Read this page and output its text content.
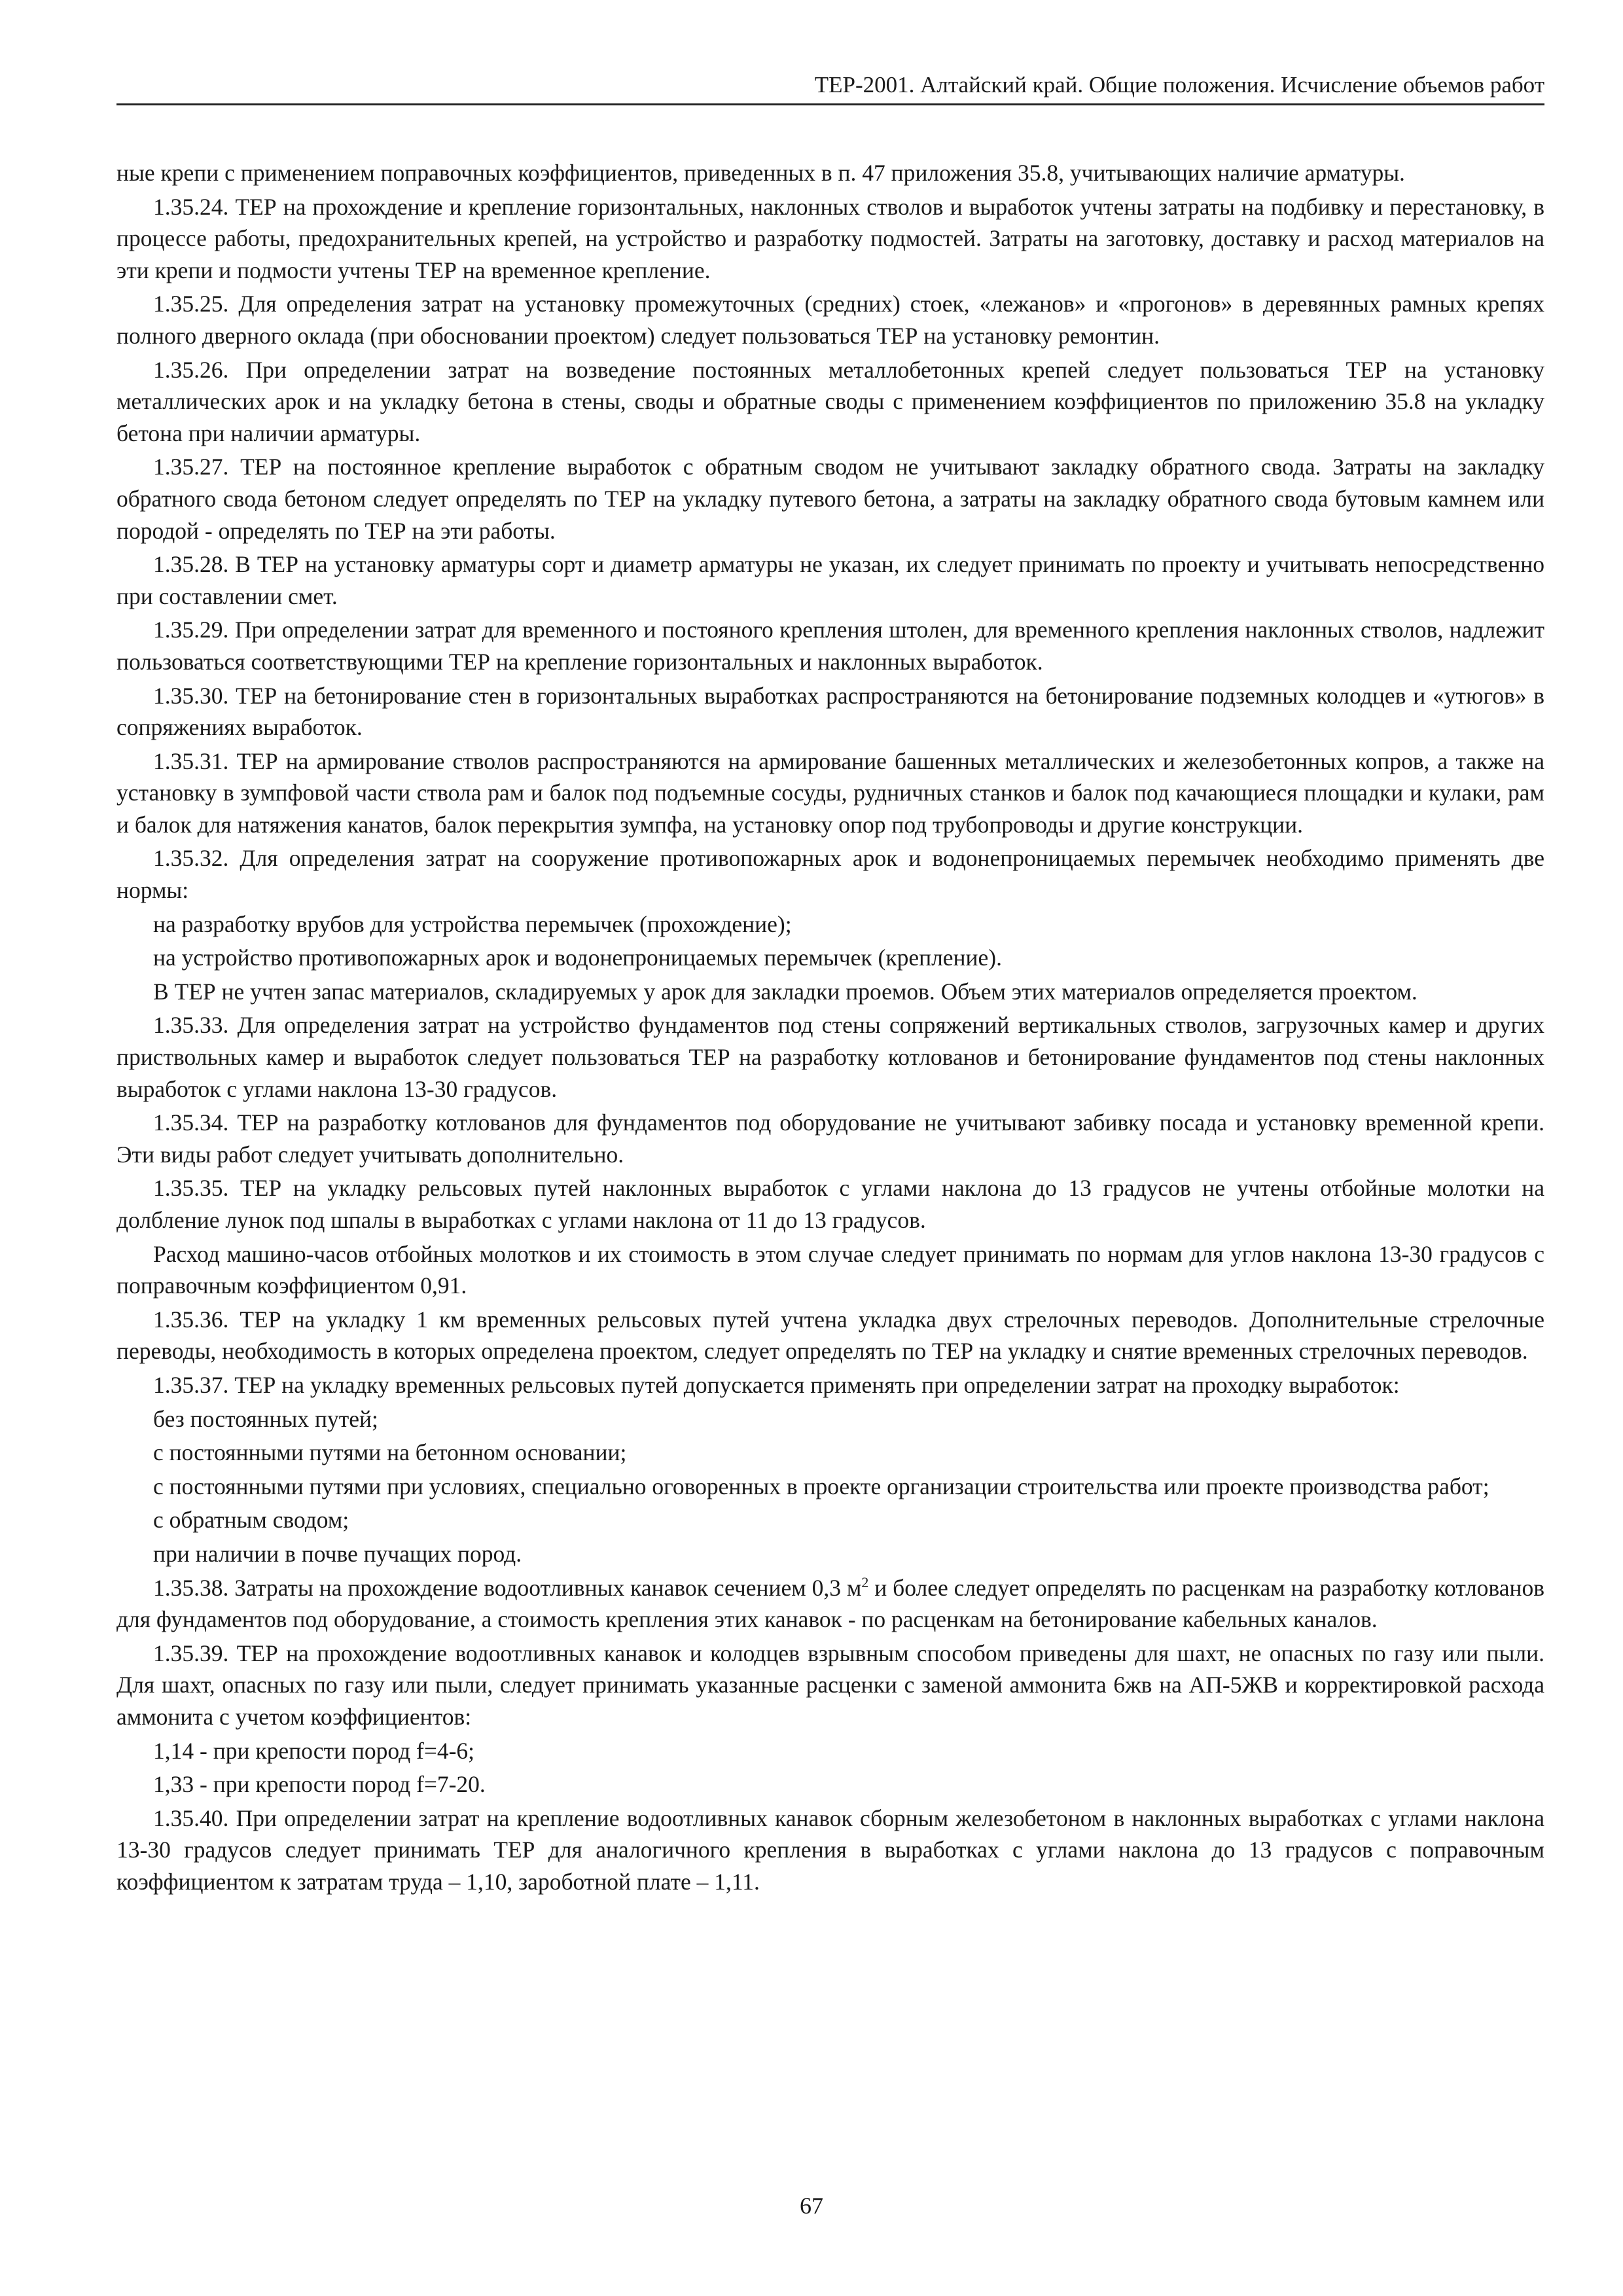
ТЕР-2001. Алтайский край. Общие положения. Исчисление объемов работ

ные крепи с применением поправочных коэффициентов, приведенных в п. 47 приложения 35.8, учитывающих наличие арматуры.

1.35.24. ТЕР на прохождение и крепление горизонтальных, наклонных стволов и выработок учтены затраты на подбивку и перестановку, в процессе работы, предохранительных крепей, на устройство и разработку подмостей. Затраты на заготовку, доставку и расход материалов на эти крепи и подмости учтены ТЕР на временное крепление.

1.35.25. Для определения затрат на установку промежуточных (средних) стоек, «лежанов» и «прогонов» в деревянных рамных крепях полного дверного оклада (при обосновании проектом) следует пользоваться ТЕР на установку ремонтин.

1.35.26. При определении затрат на возведение постоянных металлобетонных крепей следует пользоваться ТЕР на установку металлических арок и на укладку бетона в стены, своды и обратные своды с применением коэффициентов по приложению 35.8 на укладку бетона при наличии арматуры.

1.35.27. ТЕР на постоянное крепление выработок с обратным сводом не учитывают закладку обратного свода. Затраты на закладку обратного свода бетоном следует определять по ТЕР на укладку путевого бетона, а затраты на закладку обратного свода бутовым камнем или породой - определять по ТЕР на эти работы.

1.35.28. В ТЕР на установку арматуры сорт и диаметр арматуры не указан, их следует принимать по проекту и учитывать непосредственно при составлении смет.

1.35.29. При определении затрат для временного и постояного крепления штолен, для временного крепления наклонных стволов, надлежит пользоваться соответствующими ТЕР на крепление горизонтальных и наклонных выработок.

1.35.30. ТЕР на бетонирование стен в горизонтальных выработках распространяются на бетонирование подземных колодцев и «утюгов» в сопряжениях выработок.

1.35.31. ТЕР на армирование стволов распространяются на армирование башенных металлических и железобетонных копров, а также на установку в зумпфовой части ствола рам и балок под подъемные сосуды, рудничных станков и балок под качающиеся площадки и кулаки, рам и балок для натяжения канатов, балок перекрытия зумпфа, на установку опор под трубопроводы и другие конструкции.

1.35.32. Для определения затрат на сооружение противопожарных арок и водонепроницаемых перемычек необходимо применять две нормы:

на разработку врубов для устройства перемычек (прохождение);

на устройство противопожарных арок и водонепроницаемых перемычек (крепление).

В ТЕР не учтен запас материалов, складируемых у арок для закладки проемов. Объем этих материалов определяется проектом.

1.35.33. Для определения затрат на устройство фундаментов под стены сопряжений вертикальных стволов, загрузочных камер и других приствольных камер и выработок следует пользоваться ТЕР на разработку котлованов и бетонирование фундаментов под стены наклонных выработок с углами наклона 13-30 градусов.

1.35.34. ТЕР на разработку котлованов для фундаментов под оборудование не учитывают забивку посада и установку временной крепи. Эти виды работ следует учитывать дополнительно.

1.35.35. ТЕР на укладку рельсовых путей наклонных выработок с углами наклона до 13 градусов не учтены отбойные молотки на долбление лунок под шпалы в выработках с углами наклона от 11 до 13 градусов.

Расход машино-часов отбойных молотков и их стоимость в этом случае следует принимать по нормам для углов наклона 13-30 градусов с поправочным коэффициентом 0,91.

1.35.36. ТЕР на укладку 1 км временных рельсовых путей учтена укладка двух стрелочных переводов. Дополнительные стрелочные переводы, необходимость в которых определена проектом, следует определять по ТЕР на укладку и снятие временных стрелочных переводов.

1.35.37. ТЕР на укладку временных рельсовых путей допускается применять при определении затрат на проходку выработок:

без постоянных путей;

с постоянными путями на бетонном основании;

с постоянными путями при условиях, специально оговоренных в проекте организации строительства или проекте производства работ;

с обратным сводом;

при наличии в почве пучащих пород.

1.35.38. Затраты на прохождение водоотливных канавок сечением 0,3 $м^2$ и более следует определять по расценкам на разработку котлованов для фундаментов под оборудование, а стоимость крепления этих канавок - по расценкам на бетонирование кабельных каналов.

1.35.39. ТЕР на прохождение водоотливных канавок и колодцев взрывным способом приведены для шахт, не опасных по газу или пыли. Для шахт, опасных по газу или пыли, следует принимать указанные расценки с заменой аммонита 6жв на АП-5ЖВ и корректировкой расхода аммонита с учетом коэффициентов:

1,14 - при крепости пород f=4-6;

1,33 - при крепости пород f=7-20.

1.35.40. При определении затрат на крепление водоотливных канавок сборным железобетоном в наклонных выработках с углами наклона 13-30 градусов следует принимать ТЕР для аналогичного крепления в выработках с углами наклона до 13 градусов с поправочным коэффициентом к затратам труда – 1,10, зароботной плате – 1,11.

67
